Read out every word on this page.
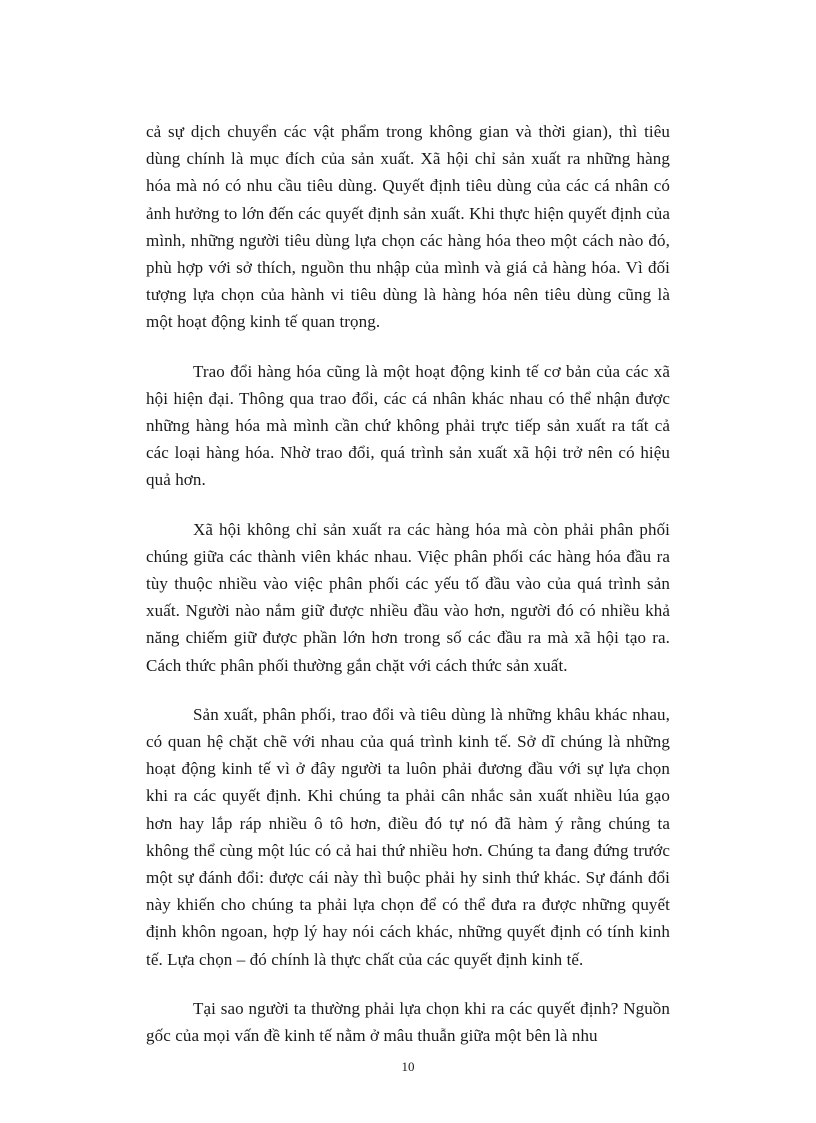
cả sự dịch chuyển các vật phẩm trong không gian và thời gian), thì tiêu dùng chính là mục đích của sản xuất. Xã hội chỉ sản xuất ra những hàng hóa mà nó có nhu cầu tiêu dùng. Quyết định tiêu dùng của các cá nhân có ảnh hưởng to lớn đến các quyết định sản xuất. Khi thực hiện quyết định của mình, những người tiêu dùng lựa chọn các hàng hóa theo một cách nào đó, phù hợp với sở thích, nguồn thu nhập của mình và giá cả hàng hóa. Vì đối tượng lựa chọn của hành vi tiêu dùng là hàng hóa nên tiêu dùng cũng là một hoạt động kinh tế quan trọng.

Trao đổi hàng hóa cũng là một hoạt động kinh tế cơ bản của các xã hội hiện đại. Thông qua trao đổi, các cá nhân khác nhau có thể nhận được những hàng hóa mà mình cần chứ không phải trực tiếp sản xuất ra tất cả các loại hàng hóa. Nhờ trao đổi, quá trình sản xuất xã hội trở nên có hiệu quả hơn.

Xã hội không chỉ sản xuất ra các hàng hóa mà còn phải phân phối chúng giữa các thành viên khác nhau. Việc phân phối các hàng hóa đầu ra tùy thuộc nhiều vào việc phân phối các yếu tố đầu vào của quá trình sản xuất. Người nào nắm giữ được nhiều đầu vào hơn, người đó có nhiều khả năng chiếm giữ được phần lớn hơn trong số các đầu ra mà xã hội tạo ra. Cách thức phân phối thường gắn chặt với cách thức sản xuất.

Sản xuất, phân phối, trao đổi và tiêu dùng là những khâu khác nhau, có quan hệ chặt chẽ với nhau của quá trình kinh tế. Sở dĩ chúng là những hoạt động kinh tế vì ở đây người ta luôn phải đương đầu với sự lựa chọn khi ra các quyết định. Khi chúng ta phải cân nhắc sản xuất nhiều lúa gạo hơn hay lắp ráp nhiều ô tô hơn, điều đó tự nó đã hàm ý rằng chúng ta không thể cùng một lúc có cả hai thứ nhiều hơn. Chúng ta đang đứng trước một sự đánh đổi: được cái này thì buộc phải hy sinh thứ khác. Sự đánh đổi này khiến cho chúng ta phải lựa chọn để có thể đưa ra được những quyết định khôn ngoan, hợp lý hay nói cách khác, những quyết định có tính kinh tế. Lựa chọn – đó chính là thực chất của các quyết định kinh tế.

Tại sao người ta thường phải lựa chọn khi ra các quyết định? Nguồn gốc của mọi vấn đề kinh tế nằm ở mâu thuẫn giữa một bên là nhu

10
